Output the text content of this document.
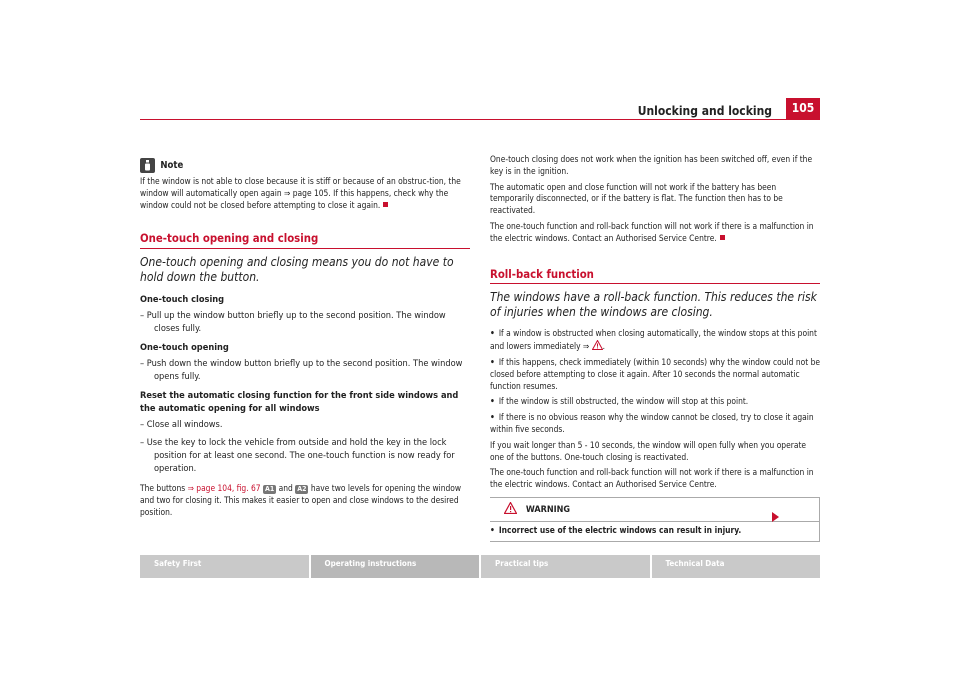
Unlocking and locking	105
Note

If the window is not able to close because it is stiff or because of an obstruc-tion, the window will automatically open again ⇒ page 105. If this happens, check why the window could not be closed before attempting to close it again.

One-touch opening and closing
One-touch opening and closing means you do not have to hold down the button.
One-touch closing
– Pull up the window button briefly up to the second position. The window closes fully.
One-touch opening
– Push down the window button briefly up to the second position. The window opens fully.
Reset the automatic closing function for the front side windows and the automatic opening for all windows
– Close all windows.
– Use the key to lock the vehicle from outside and hold the key in the lock position for at least one second. The one-touch function is now ready for operation.

The buttons ⇒ page 104, fig. 67 A1 and A2 have two levels for opening the window and two for closing it. This makes it easier to open and close windows to the desired position.

One-touch closing does not work when the ignition has been switched off, even if the key is in the ignition.

The automatic open and close function will not work if the battery has been temporarily disconnected, or if the battery is flat. The function then has to be reactivated.

The one-touch function and roll-back function will not work if there is a malfunction in the electric windows. Contact an Authorised Service Centre.

Roll-back function
The windows have a roll-back function. This reduces the risk of injuries when the windows are closing.

• If a window is obstructed when closing automatically, the window stops at this point and lowers immediately ⇒ .

• If this happens, check immediately (within 10 seconds) why the window could not be closed before attempting to close it again. After 10 seconds the normal automatic function resumes.

• If the window is still obstructed, the window will stop at this point.

• If there is no obvious reason why the window cannot be closed, try to close it again within five seconds.

If you wait longer than 5 - 10 seconds, the window will open fully when you operate one of the buttons. One-touch closing is reactivated.

The one-touch function and roll-back function will not work if there is a malfunction in the electric windows. Contact an Authorised Service Centre.

WARNING
• Incorrect use of the electric windows can result in injury.
Safety First	Operating instructions	Practical tips	Technical Data
